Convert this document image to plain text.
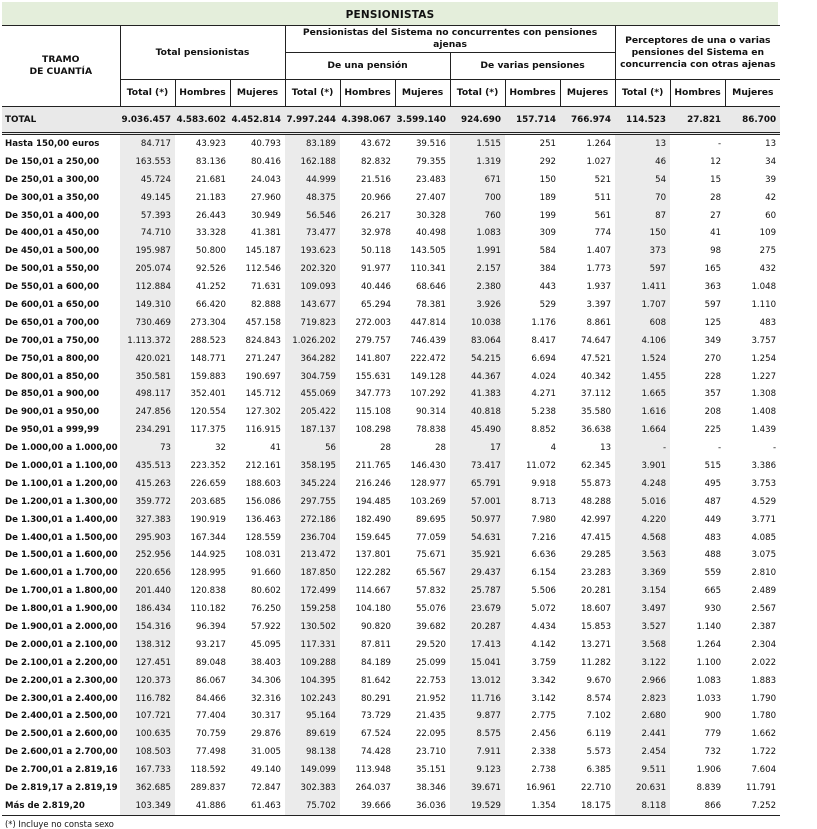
PENSIONISTAS
TRAMO
DE CUANTÍA	Total pensionistas			Pensionistas del Sistema no concurrentes con pensiones ajenas						Perceptores de una o varias pensiones del Sistema en concurrencia con otras ajenas		
				De una pensión			De varias pensiones					
	Total (*)	Hombres	Mujeres	Total (*)	Hombres	Mujeres	Total (*)	Hombres	Mujeres	Total (*)	Hombres	Mujeres
TOTAL	9.036.457	4.583.602	4.452.814	7.997.244	4.398.067	3.599.140	924.690	157.714	766.974	114.523	27.821	86.700
Hasta 150,00 euros	84.717	43.923	40.793	83.189	43.672	39.516	1.515	251	1.264	13	-	13
De 150,01 a 250,00	163.553	83.136	80.416	162.188	82.832	79.355	1.319	292	1.027	46	12	34
De 250,01 a 300,00	45.724	21.681	24.043	44.999	21.516	23.483	671	150	521	54	15	39
De 300,01 a 350,00	49.145	21.183	27.960	48.375	20.966	27.407	700	189	511	70	28	42
De 350,01 a 400,00	57.393	26.443	30.949	56.546	26.217	30.328	760	199	561	87	27	60
De 400,01 a 450,00	74.710	33.328	41.381	73.477	32.978	40.498	1.083	309	774	150	41	109
De 450,01 a 500,00	195.987	50.800	145.187	193.623	50.118	143.505	1.991	584	1.407	373	98	275
De 500,01 a 550,00	205.074	92.526	112.546	202.320	91.977	110.341	2.157	384	1.773	597	165	432
De 550,01 a 600,00	112.884	41.252	71.631	109.093	40.446	68.646	2.380	443	1.937	1.411	363	1.048
De 600,01 a 650,00	149.310	66.420	82.888	143.677	65.294	78.381	3.926	529	3.397	1.707	597	1.110
De 650,01 a 700,00	730.469	273.304	457.158	719.823	272.003	447.814	10.038	1.176	8.861	608	125	483
De 700,01 a 750,00	1.113.372	288.523	824.843	1.026.202	279.757	746.439	83.064	8.417	74.647	4.106	349	3.757
De 750,01 a 800,00	420.021	148.771	271.247	364.282	141.807	222.472	54.215	6.694	47.521	1.524	270	1.254
De 800,01 a 850,00	350.581	159.883	190.697	304.759	155.631	149.128	44.367	4.024	40.342	1.455	228	1.227
De 850,01 a 900,00	498.117	352.401	145.712	455.069	347.773	107.292	41.383	4.271	37.112	1.665	357	1.308
De 900,01 a 950,00	247.856	120.554	127.302	205.422	115.108	90.314	40.818	5.238	35.580	1.616	208	1.408
De 950,01 a 999,99	234.291	117.375	116.915	187.137	108.298	78.838	45.490	8.852	36.638	1.664	225	1.439
De 1.000,00 a 1.000,00	73	32	41	56	28	28	17	4	13	-	-	-
De 1.000,01 a 1.100,00	435.513	223.352	212.161	358.195	211.765	146.430	73.417	11.072	62.345	3.901	515	3.386
De 1.100,01 a 1.200,00	415.263	226.659	188.603	345.224	216.246	128.977	65.791	9.918	55.873	4.248	495	3.753
De 1.200,01 a 1.300,00	359.772	203.685	156.086	297.755	194.485	103.269	57.001	8.713	48.288	5.016	487	4.529
De 1.300,01 a 1.400,00	327.383	190.919	136.463	272.186	182.490	89.695	50.977	7.980	42.997	4.220	449	3.771
De 1.400,01 a 1.500,00	295.903	167.344	128.559	236.704	159.645	77.059	54.631	7.216	47.415	4.568	483	4.085
De 1.500,01 a 1.600,00	252.956	144.925	108.031	213.472	137.801	75.671	35.921	6.636	29.285	3.563	488	3.075
De 1.600,01 a 1.700,00	220.656	128.995	91.660	187.850	122.282	65.567	29.437	6.154	23.283	3.369	559	2.810
De 1.700,01 a 1.800,00	201.440	120.838	80.602	172.499	114.667	57.832	25.787	5.506	20.281	3.154	665	2.489
De 1.800,01 a 1.900,00	186.434	110.182	76.250	159.258	104.180	55.076	23.679	5.072	18.607	3.497	930	2.567
De 1.900,01 a 2.000,00	154.316	96.394	57.922	130.502	90.820	39.682	20.287	4.434	15.853	3.527	1.140	2.387
De 2.000,01 a 2.100,00	138.312	93.217	45.095	117.331	87.811	29.520	17.413	4.142	13.271	3.568	1.264	2.304
De 2.100,01 a 2.200,00	127.451	89.048	38.403	109.288	84.189	25.099	15.041	3.759	11.282	3.122	1.100	2.022
De 2.200,01 a 2.300,00	120.373	86.067	34.306	104.395	81.642	22.753	13.012	3.342	9.670	2.966	1.083	1.883
De 2.300,01 a 2.400,00	116.782	84.466	32.316	102.243	80.291	21.952	11.716	3.142	8.574	2.823	1.033	1.790
De 2.400,01 a 2.500,00	107.721	77.404	30.317	95.164	73.729	21.435	9.877	2.775	7.102	2.680	900	1.780
De 2.500,01 a 2.600,00	100.635	70.759	29.876	89.619	67.524	22.095	8.575	2.456	6.119	2.441	779	1.662
De 2.600,01 a 2.700,00	108.503	77.498	31.005	98.138	74.428	23.710	7.911	2.338	5.573	2.454	732	1.722
De 2.700,01 a 2.819,16	167.733	118.592	49.140	149.099	113.948	35.151	9.123	2.738	6.385	9.511	1.906	7.604
De 2.819,17 a 2.819,19	362.685	289.837	72.847	302.383	264.037	38.346	39.671	16.961	22.710	20.631	8.839	11.791
Más de 2.819,20	103.349	41.886	61.463	75.702	39.666	36.036	19.529	1.354	18.175	8.118	866	7.252
(*) Incluye no consta sexo
